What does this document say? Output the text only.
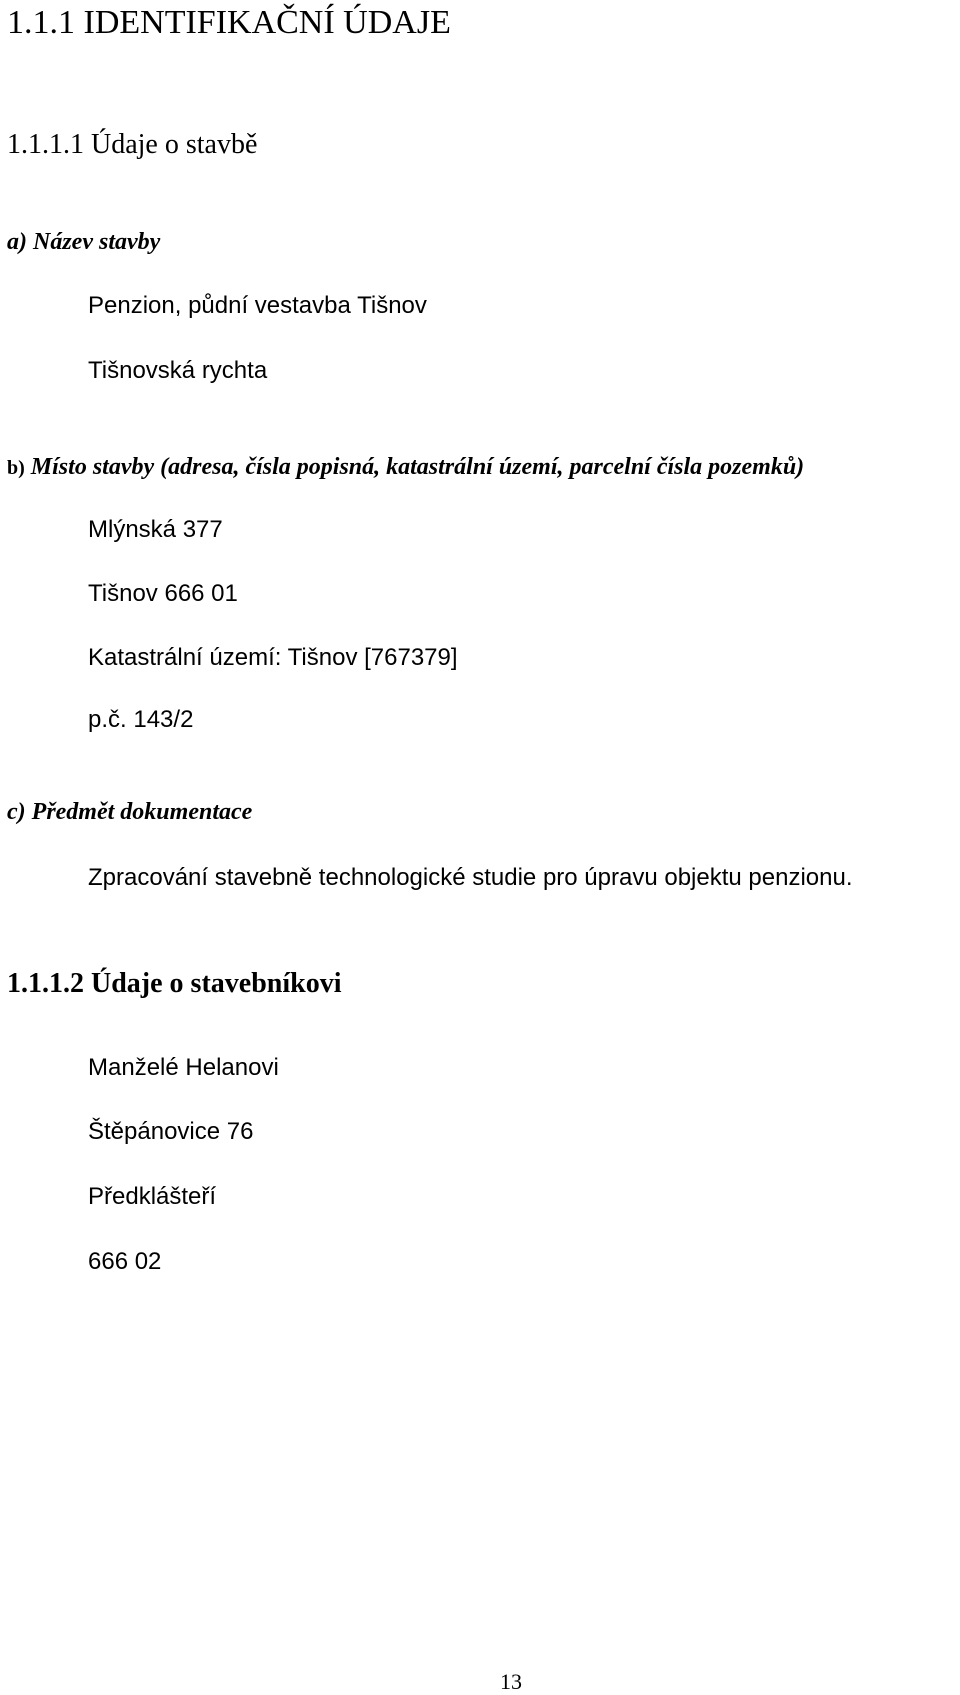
1.1.1 IDENTIFIKAČNÍ ÚDAJE
1.1.1.1 Údaje o stavbě
a) Název stavby
Penzion, půdní vestavba Tišnov
Tišnovská rychta
b) Místo stavby (adresa, čísla popisná, katastrální území, parcelní čísla pozemků)
Mlýnská 377
Tišnov 666 01
Katastrální území: Tišnov [767379]
p.č. 143/2
c) Předmět dokumentace
Zpracování stavebně technologické studie pro úpravu objektu penzionu.
1.1.1.2 Údaje o stavebníkovi
Manželé Helanovi
Štěpánovice 76
Předklášteří
666 02
13
